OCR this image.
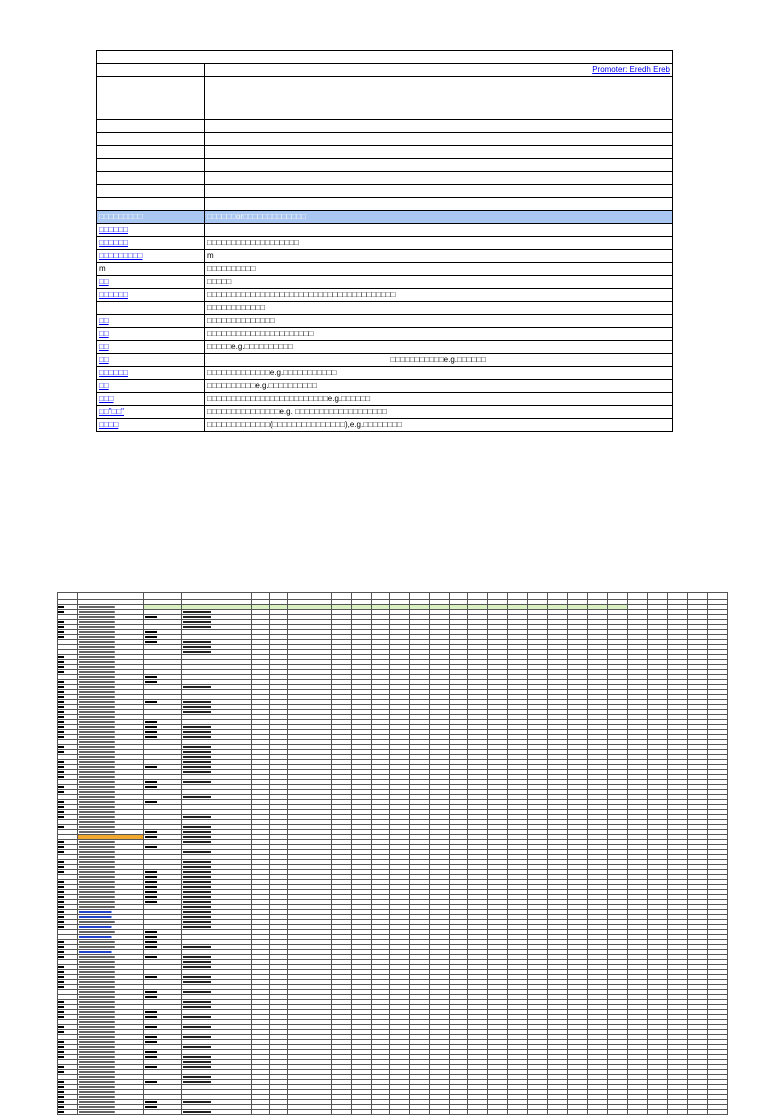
	Promoter: Eredh Ereb

□□□□□□□□□	□□□□□□or□□□□□□□□□□□□□
□□□□□□	
□□□□□□	□□□□□□□□□□□□□□□□□□□
□□□□□□□□□	m
m	□□□□□□□□□□
□□	□□□□□
□□□□□□	□□□□□□□□□□□□□□□□□□□□□□□□□□□□□□□□□□□□□□□
	□□□□□□□□□□□□
□□	□□□□□□□□□□□□□□
□□	□□□□□□□□□□□□□□□□□□□□□□
□□	□□□□□e.g.□□□□□□□□□□
□□	□□□□□□□□□□□e.g.□□□□□□
□□□□□□	□□□□□□□□□□□□□e.g.□□□□□□□□□□□
□□	□□□□□□□□□□e.g.□□□□□□□□□□
□□□	□□□□□□□□□□□□□□□□□□□□□□□□□e.g.□□□□□□
□□"□□"	□□□□□□□□□□□□□□□e.g. □□□□□□□□□□□□□□□□□□□
□□□□	□□□□□□□□□□□□□(□□□□□□□□□□□□□□□),e.g.□□□□□□□□
